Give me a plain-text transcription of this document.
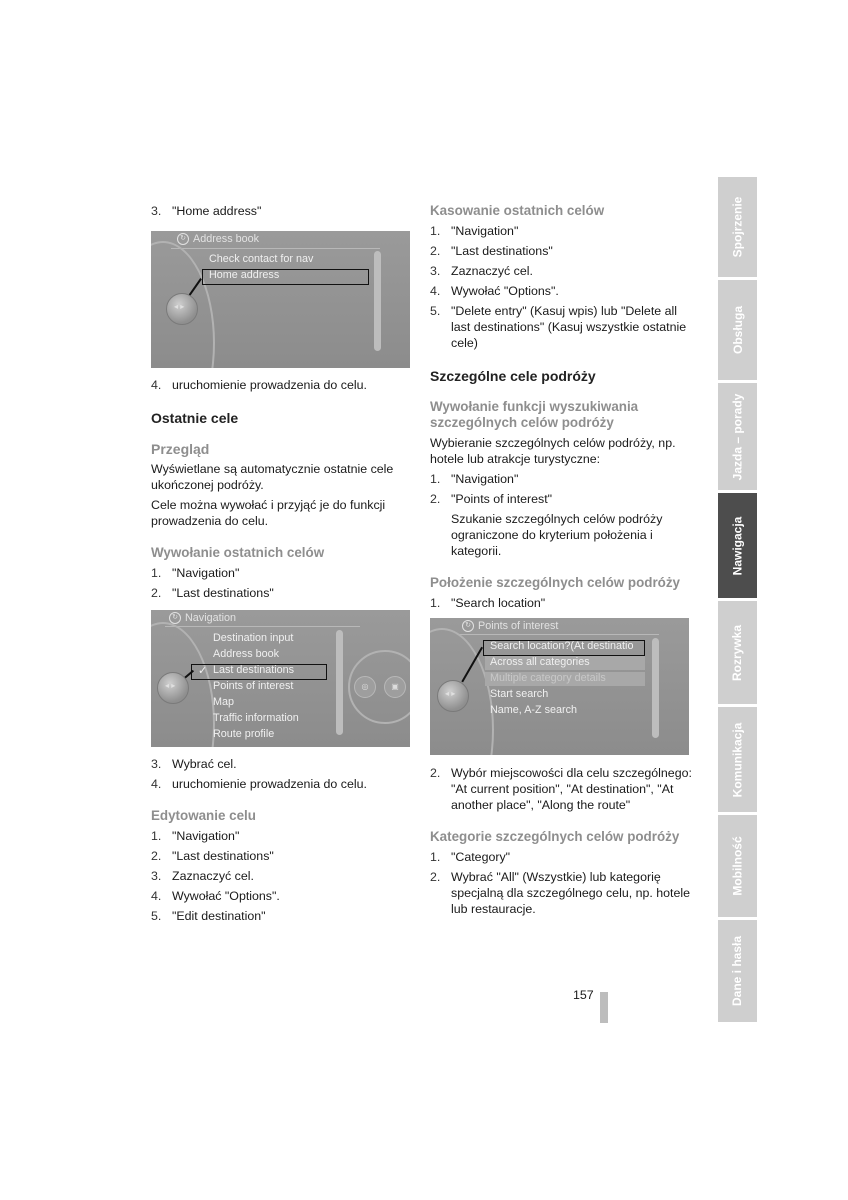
3. "Home address"
↻ Address book
Check contact for nav
Home address
◂ ▸
4. uruchomienie prowadzenia do celu.
Ostatnie cele
Przegląd

Wyświetlane są automatycznie ostatnie cele ukończonej podróży.

Cele można wywołać i przyjąć je do funkcji prowadzenia do celu.

Wywołanie ostatnich celów
1. "Navigation"
2. "Last destinations"
↻ Navigation
Destination input
Address book
✓ Last destinations
Points of interest
Map
Traffic information
Route profile
◂ ▸	◎	▣
3. Wybrać cel.
4. uruchomienie prowadzenia do celu.
Edytowanie celu
1. "Navigation"
2. "Last destinations"
3. Zaznaczyć cel.
4. Wywołać "Options".
5. "Edit destination"
Kasowanie ostatnich celów
1. "Navigation"
2. "Last destinations"
3. Zaznaczyć cel.
4. Wywołać "Options".
5. "Delete entry" (Kasuj wpis) lub "Delete all last destinations" (Kasuj wszystkie ostatnie cele)
Szczególne cele podróży
Wywołanie funkcji wyszukiwania szczególnych celów podróży

Wybieranie szczególnych celów podróży, np. hotele lub atrakcje turystyczne:

1. "Navigation"
2. "Points of interest"

Szukanie szczególnych celów podróży ograniczone do kryterium położenia i kategorii.

Położenie szczególnych celów podróży
1. "Search location"
↻ Points of interest
Search location?(At destinatio
Across all categories
Multiple category details
Start search
Name, A-Z search
◂ ▸
2. Wybór miejscowości dla celu szczególnego: "At current position", "At destination", "At another place", "Along the route"
Kategorie szczególnych celów podróży
1. "Category"
2. Wybrać "All" (Wszystkie) lub kategorię specjalną dla szczególnego celu, np. hotele lub restauracje.
Spojrzenie
Obsługa
Jazda – porady
Nawigacja
Rozrywka
Komunikacja
Mobilność
Dane i hasła
157
